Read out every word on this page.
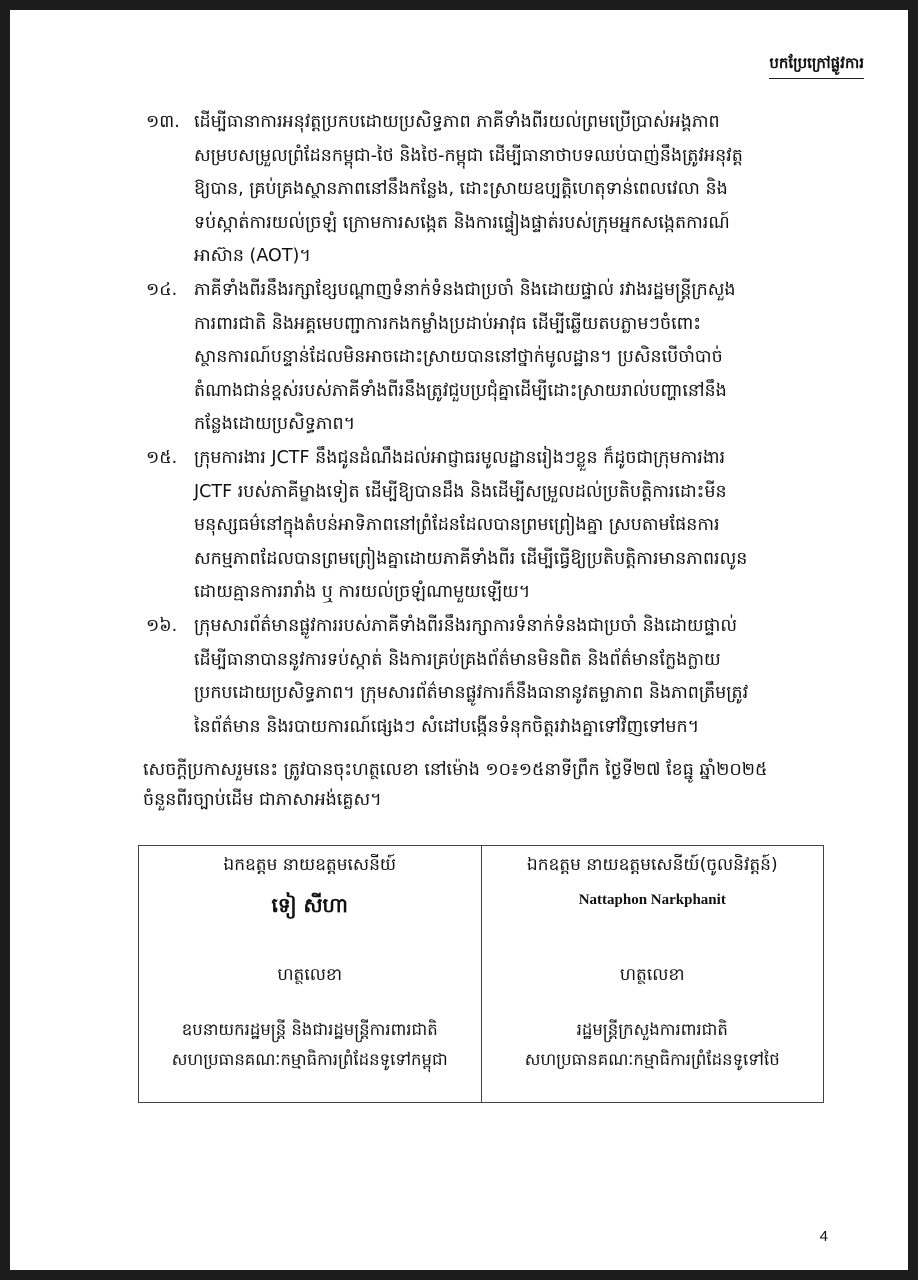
បកប្រែក្រៅផ្លូវការ
១៣. ដើម្បីធានាការអនុវត្តប្រកបដោយប្រសិទ្ធភាព ភាគីទាំងពីរយល់ព្រមប្រើប្រាស់អង្គភាព
សម្របសម្រួលព្រំដែនកម្ពុជា-ថៃ និងថៃ-កម្ពុជា ដើម្បីធានាថាបទឈប់បាញ់នឹងត្រូវអនុវត្ត
ឱ្យបាន, គ្រប់គ្រងស្ថានភាពនៅនឹងកន្លែង, ដោះស្រាយឧប្បត្តិហេតុទាន់ពេលវេលា និង
ទប់ស្កាត់ការយល់ច្រឡំ ក្រោមការសង្កេត និងការផ្ទៀងផ្ទាត់របស់ក្រុមអ្នកសង្កេតការណ៍
អាស៊ាន (AOT)។
១៤. ភាគីទាំងពីរនឹងរក្សាខ្សែបណ្ដាញទំនាក់ទំនងជាប្រចាំ និងដោយផ្ទាល់ រវាងរដ្ឋមន្ត្រីក្រសួង
ការពារជាតិ និងអគ្គមេបញ្ជាការកងកម្លាំងប្រដាប់អាវុធ ដើម្បីឆ្លើយតបភ្លាមៗចំពោះ
ស្ថានការណ៍បន្ទាន់ដែលមិនអាចដោះស្រាយបាននៅថ្នាក់មូលដ្ឋាន។ ប្រសិនបើចាំបាច់
តំណាងជាន់ខ្ពស់របស់ភាគីទាំងពីរនឹងត្រូវជួបប្រជុំគ្នាដើម្បីដោះស្រាយរាល់បញ្ហានៅនឹង
កន្លែងដោយប្រសិទ្ធភាព។
១៥. ក្រុមការងារ JCTF នឹងជូនដំណឹងដល់អាជ្ញាធរមូលដ្ឋានរៀងៗខ្លួន ក៏ដូចជាក្រុមការងារ
JCTF របស់ភាគីម្ខាងទៀត ដើម្បីឱ្យបានដឹង និងដើម្បីសម្រួលដល់ប្រតិបត្តិការដោះមីន
មនុស្សធម៌នៅក្នុងតំបន់អាទិភាពនៅព្រំដែនដែលបានព្រមព្រៀងគ្នា ស្របតាមផែនការ
សកម្មភាពដែលបានព្រមព្រៀងគ្នាដោយភាគីទាំងពីរ ដើម្បីធ្វើឱ្យប្រតិបត្តិការមានភាពរលូន
ដោយគ្មានការរារាំង ឬ ការយល់ច្រឡំណាមួយឡើយ។
១៦. ក្រុមសារព័ត៌មានផ្លូវការរបស់ភាគីទាំងពីរនឹងរក្សាការទំនាក់ទំនងជាប្រចាំ និងដោយផ្ទាល់
ដើម្បីធានាបាននូវការទប់ស្កាត់ និងការគ្រប់គ្រងព័ត៌មានមិនពិត និងព័ត៌មានក្លែងក្លាយ
ប្រកបដោយប្រសិទ្ធភាព។ ក្រុមសារព័ត៌មានផ្លូវការក៏នឹងធានានូវតម្លាភាព និងភាពត្រឹមត្រូវ
នៃព័ត៌មាន និងរបាយការណ៍ផ្សេងៗ សំដៅបង្កើនទំនុកចិត្តរវាងគ្នាទៅវិញទៅមក។
សេចក្ដីប្រកាសរួមនេះ ត្រូវបានចុះហត្ថលេខា នៅម៉ោង ១០៖១៥នាទីព្រឹក ថ្ងៃទី២៧ ខែធ្នូ ឆ្នាំ២០២៥
ចំនួនពីរច្បាប់ដើម ជាភាសាអង់គ្លេស។
ឯកឧត្ដម នាយឧត្ដមសេនីយ៍
ទៀ សីហា
ហត្ថលេខា
ឧបនាយករដ្ឋមន្ត្រី និងជារដ្ឋមន្ត្រីការពារជាតិ
សហប្រធានគណៈកម្មាធិការព្រំដែនទូទៅកម្ពុជា
ឯកឧត្ដម នាយឧត្ដមសេនីយ៍(ចូលនិវត្តន៍)
Nattaphon Narkphanit
ហត្ថលេខា
រដ្ឋមន្ត្រីក្រសួងការពារជាតិ
សហប្រធានគណៈកម្មាធិការព្រំដែនទូទៅថៃ
4
